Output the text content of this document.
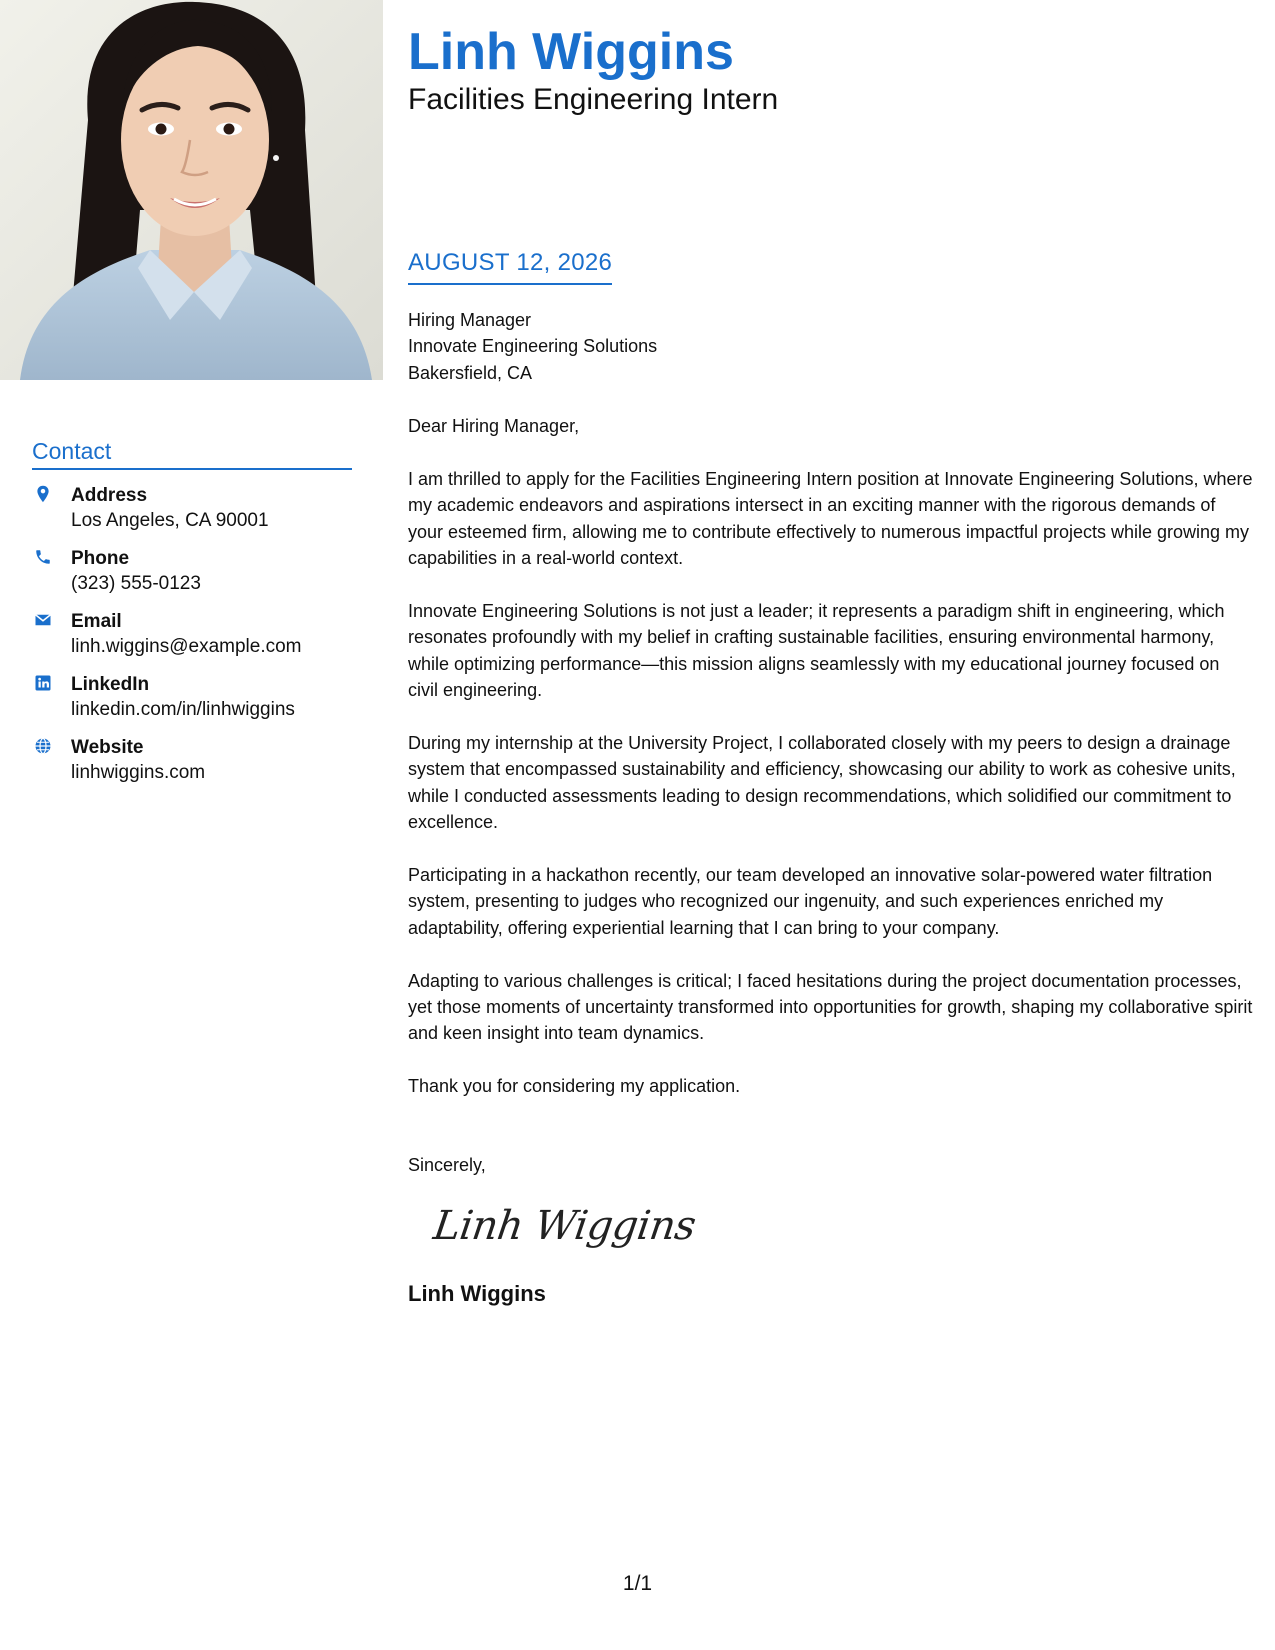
Contact
Address
Los Angeles, CA 90001
Phone
(323) 555-0123
Email
linh.wiggins@example.com
LinkedIn
linkedin.com/in/linhwiggins
Website
linhwiggins.com
Linh Wiggins
Facilities Engineering Intern
AUGUST 12, 2026
Hiring Manager
Innovate Engineering Solutions
Bakersfield, CA
Dear Hiring Manager,

I am thrilled to apply for the Facilities Engineering Intern position at Innovate Engineering Solutions, where my academic endeavors and aspirations intersect in an exciting manner with the rigorous demands of your esteemed firm, allowing me to contribute effectively to numerous impactful projects while growing my capabilities in a real-world context.

Innovate Engineering Solutions is not just a leader; it represents a paradigm shift in engineering, which resonates profoundly with my belief in crafting sustainable facilities, ensuring environmental harmony, while optimizing performance—this mission aligns seamlessly with my educational journey focused on civil engineering.

During my internship at the University Project, I collaborated closely with my peers to design a drainage system that encompassed sustainability and efficiency, showcasing our ability to work as cohesive units, while I conducted assessments leading to design recommendations, which solidified our commitment to excellence.

Participating in a hackathon recently, our team developed an innovative solar-powered water filtration system, presenting to judges who recognized our ingenuity, and such experiences enriched my adaptability, offering experiential learning that I can bring to your company.

Adapting to various challenges is critical; I faced hesitations during the project documentation processes, yet those moments of uncertainty transformed into opportunities for growth, shaping my collaborative spirit and keen insight into team dynamics.

Thank you for considering my application.

Sincerely,
Linh Wiggins
Linh Wiggins
1/1
